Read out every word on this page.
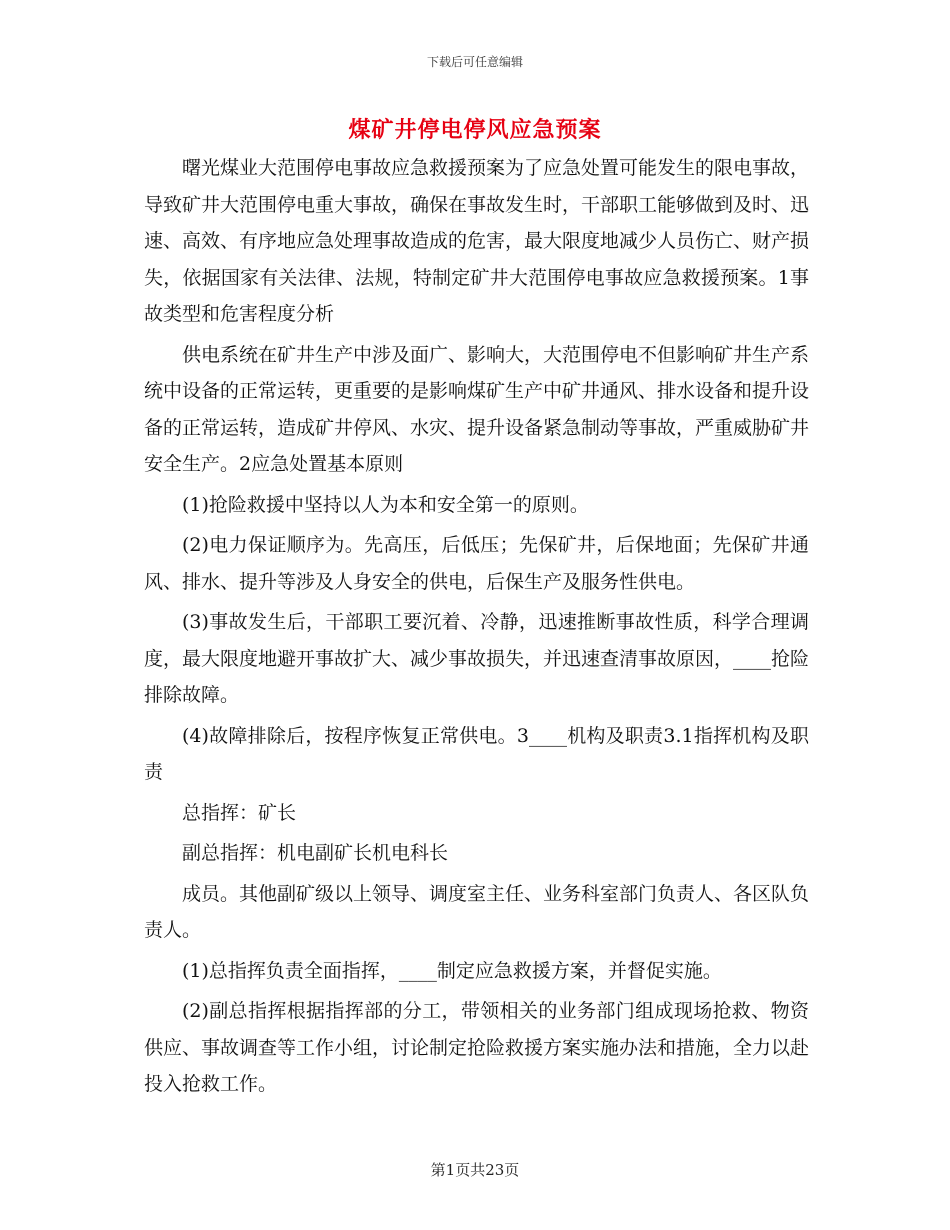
下载后可任意编辑
煤矿井停电停风应急预案

曙光煤业大范围停电事故应急救援预案为了应急处置可能发生的限电事故，导致矿井大范围停电重大事故，确保在事故发生时，干部职工能够做到及时、迅速、高效、有序地应急处理事故造成的危害，最大限度地减少人员伤亡、财产损失，依据国家有关法律、法规，特制定矿井大范围停电事故应急救援预案。1事故类型和危害程度分析

供电系统在矿井生产中涉及面广、影响大，大范围停电不但影响矿井生产系统中设备的正常运转，更重要的是影响煤矿生产中矿井通风、排水设备和提升设备的正常运转，造成矿井停风、水灾、提升设备紧急制动等事故，严重威胁矿井安全生产。2应急处置基本原则

(1)抢险救援中坚持以人为本和安全第一的原则。

(2)电力保证顺序为。先高压，后低压；先保矿井，后保地面；先保矿井通风、排水、提升等涉及人身安全的供电，后保生产及服务性供电。

(3)事故发生后，干部职工要沉着、冷静，迅速推断事故性质，科学合理调度，最大限度地避开事故扩大、减少事故损失，并迅速查清事故原因，____抢险排除故障。

(4)故障排除后，按程序恢复正常供电。3____机构及职责3.1指挥机构及职责

总指挥：矿长

副总指挥：机电副矿长机电科长

成员。其他副矿级以上领导、调度室主任、业务科室部门负责人、各区队负责人。

(1)总指挥负责全面指挥，____制定应急救援方案，并督促实施。

(2)副总指挥根据指挥部的分工，带领相关的业务部门组成现场抢救、物资供应、事故调查等工作小组，讨论制定抢险救援方案实施办法和措施，全力以赴投入抢救工作。

第1页共23页
